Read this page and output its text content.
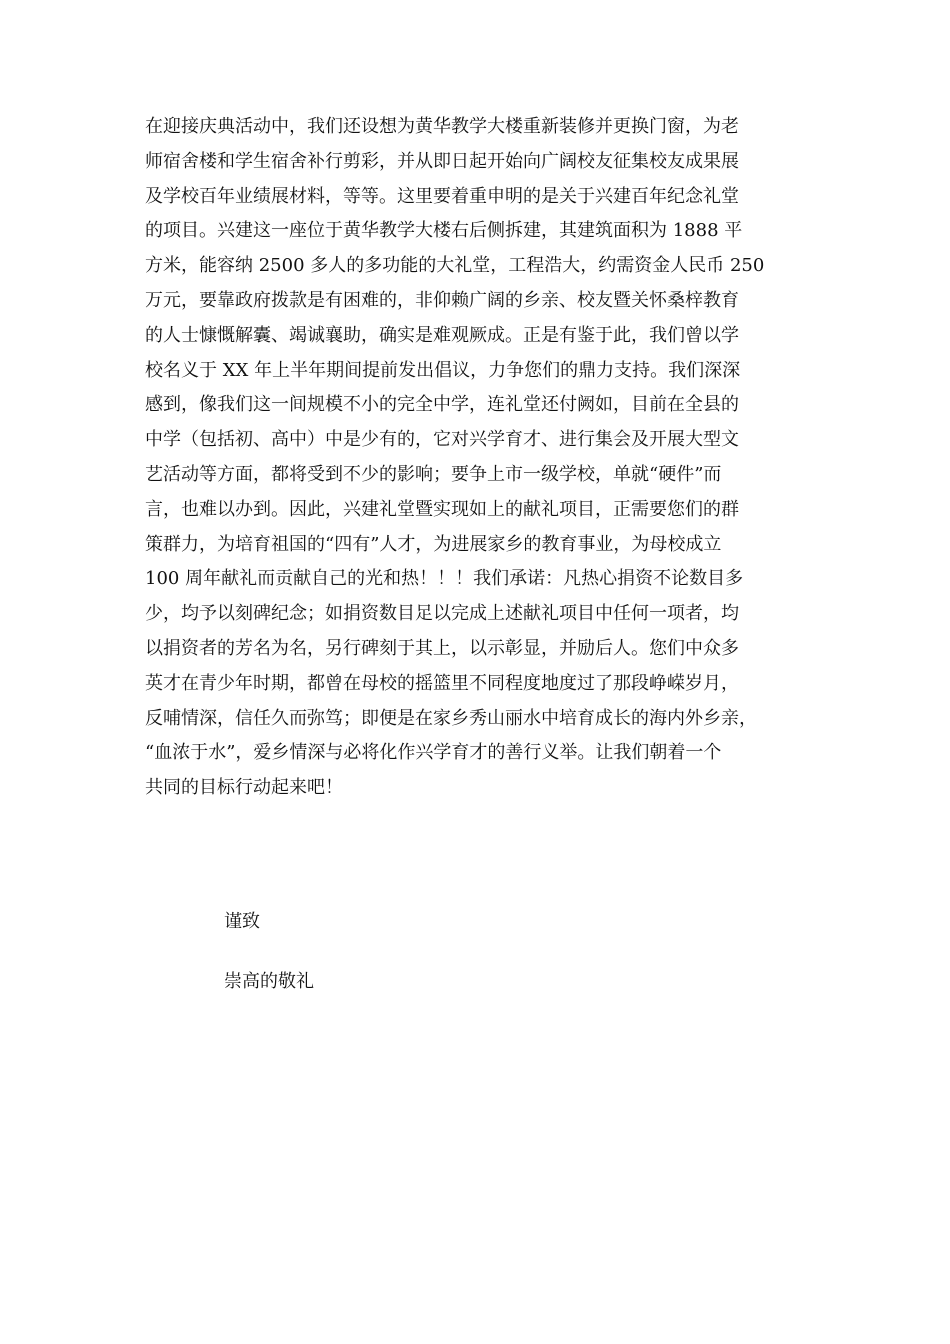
在迎接庆典活动中，我们还设想为黄华教学大楼重新装修并更换门窗，为老
师宿舍楼和学生宿舍补行剪彩，并从即日起开始向广阔校友征集校友成果展
及学校百年业绩展材料，等等。这里要着重申明的是关于兴建百年纪念礼堂
的项目。兴建这一座位于黄华教学大楼右后侧拆建，其建筑面积为 1888 平
方米，能容纳 2500 多人的多功能的大礼堂，工程浩大，约需资金人民币 250
万元，要靠政府拨款是有困难的，非仰赖广阔的乡亲、校友暨关怀桑梓教育
的人士慷慨解囊、竭诚襄助，确实是难观厥成。正是有鉴于此，我们曾以学
校名义于 XX 年上半年期间提前发出倡议，力争您们的鼎力支持。我们深深
感到，像我们这一间规模不小的完全中学，连礼堂还付阙如，目前在全县的
中学（包括初、高中）中是少有的，它对兴学育才、进行集会及开展大型文
艺活动等方面，都将受到不少的影响；要争上市一级学校，单就“硬件”而
言，也难以办到。因此，兴建礼堂暨实现如上的献礼项目，正需要您们的群
策群力，为培育祖国的“四有”人才，为进展家乡的教育事业，为母校成立
100 周年献礼而贡献自己的光和热！！！我们承诺：凡热心捐资不论数目多
少，均予以刻碑纪念；如捐资数目足以完成上述献礼项目中任何一项者，均
以捐资者的芳名为名，另行碑刻于其上，以示彰显，并励后人。您们中众多
英才在青少年时期，都曾在母校的摇篮里不同程度地度过了那段峥嵘岁月，
反哺情深，信任久而弥笃；即便是在家乡秀山丽水中培育成长的海内外乡亲，
“血浓于水”，爱乡情深与必将化作兴学育才的善行义举。让我们朝着一个
共同的目标行动起来吧！
谨致
崇高的敬礼
